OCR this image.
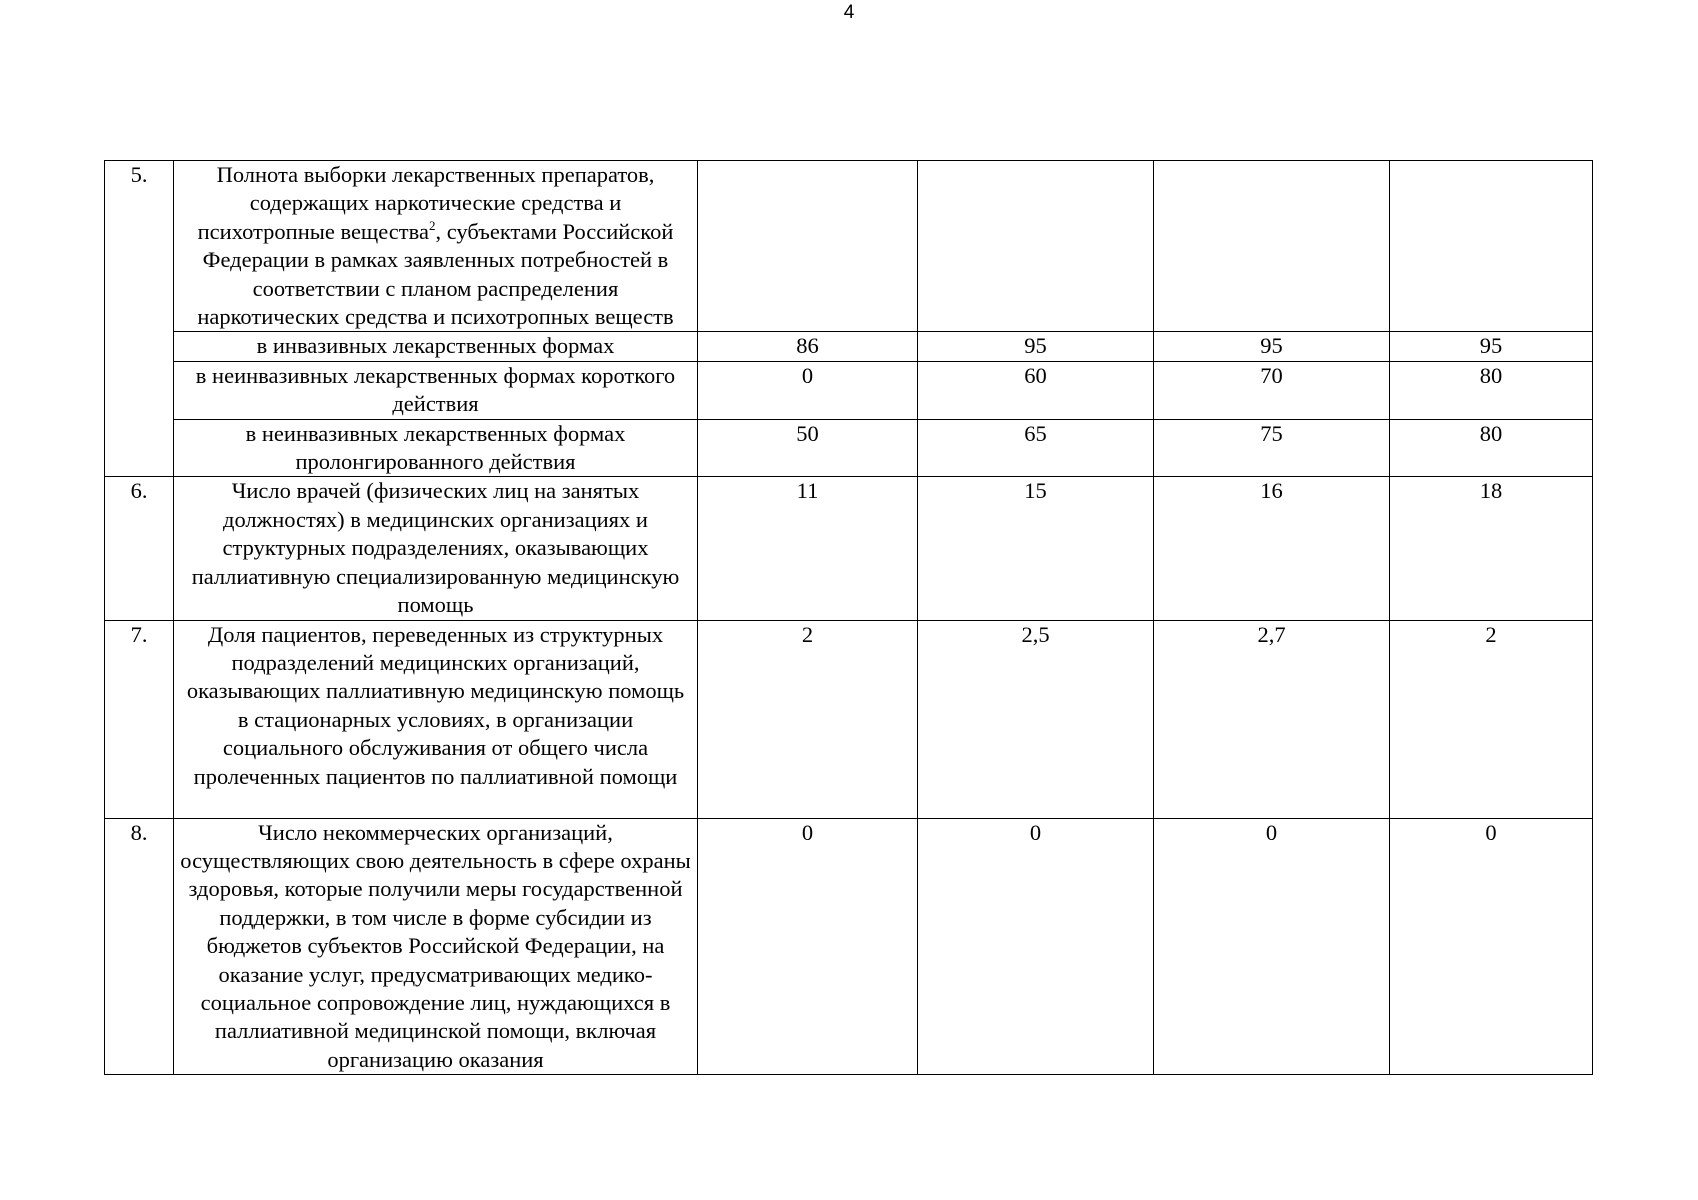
4
5.	Полнота выборки лекарственных препаратов, содержащих наркотические средства и психотропные вещества$^2$, субъектами Российской Федерации в рамках заявленных потребностей в соответствии с планом распределения наркотических средства и психотропных веществ				
	в инвазивных лекарственных формах	86	95	95	95
	в неинвазивных лекарственных формах короткого действия	0	60	70	80
	в неинвазивных лекарственных формах пролонгированного действия	50	65	75	80
6.	Число врачей (физических лиц на занятых должностях) в медицинских организациях и структурных подразделениях, оказывающих паллиативную специализированную медицинскую помощь	11	15	16	18
7.	Доля пациентов, переведенных из структурных подразделений медицинских организаций, оказывающих паллиативную медицинскую помощь в стационарных условиях, в организации социального обслуживания от общего числа пролеченных пациентов по паллиативной помощи	2	2,5	2,7	2
8.	Число некоммерческих организаций, осуществляющих свою деятельность в сфере охраны здоровья, которые получили меры государственной поддержки, в том числе в форме субсидии из бюджетов субъектов Российской Федерации, на оказание услуг, предусматривающих медико-социальное сопровождение лиц, нуждающихся в паллиативной медицинской помощи, включая организацию оказания	0	0	0	0
